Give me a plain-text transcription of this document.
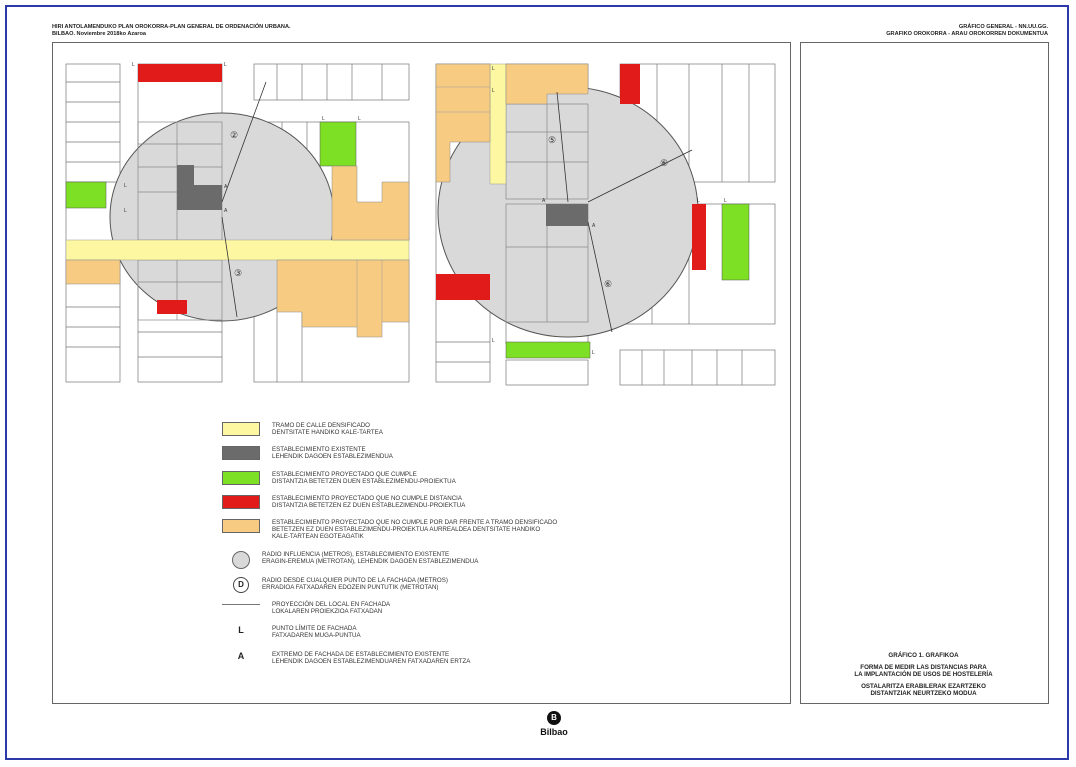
HIRI ANTOLAMENDUKO PLAN OROKORRA-PLAN GENERAL DE ORDENACIÓN URBANA.
BILBAO. Noviembre 2018ko Azaroa
GRÁFICO GENERAL - NN.UU.GG.
GRAFIKO OROKORRA - ARAU OROKORREN DOKUMENTUA
②
③
⑤
⑥
⑥
L	L
L
L
A
A
L	L
L
L
A
A
L	L
L
L
TRAMO DE CALLE DENSIFICADO
DENTSITATE HANDIKO KALE-TARTEA
ESTABLECIMIENTO EXISTENTE
LEHENDIK DAGOEN ESTABLEZIMENDUA
ESTABLECIMIENTO PROYECTADO QUE CUMPLE
DISTANTZIA BETETZEN DUEN ESTABLEZIMENDU-PROIEKTUA
ESTABLECIMIENTO PROYECTADO QUE NO CUMPLE DISTANCIA
DISTANTZIA BETETZEN EZ DUEN ESTABLEZIMENDU-PROIEKTUA
ESTABLECIMIENTO PROYECTADO QUE NO CUMPLE POR DAR FRENTE A TRAMO DENSIFICADO
BETETZEN EZ DUEN ESTABLEZIMENDU-PROIEKTUA AURREALDEA DENTSITATE HANDIKO
KALE-TARTEAN EGOTEAGATIK
RADIO INFLUENCIA (METROS), ESTABLECIMIENTO EXISTENTE
ERAGIN-EREMUA (METROTAN), LEHENDIK DAGOEN ESTABLEZIMENDUA
D	RADIO DESDE CUALQUIER PUNTO DE LA FACHADA (METROS)
ERRADIOA FATXADAREN EDOZEIN PUNTUTIK (METROTAN)
PROYECCIÓN DEL LOCAL EN FACHADA
LOKALAREN PROIEKZIOA FATXADAN
L	PUNTO LÍMITE DE FACHADA
FATXADAREN MUGA-PUNTUA
A	EXTREMO DE FACHADA DE ESTABLECIMIENTO EXISTENTE
LEHENDIK DAGOEN ESTABLEZIMENDUAREN FATXADAREN ERTZA
GRÁFICO 1. GRAFIKOA
FORMA DE MEDIR LAS DISTANCIAS PARA
LA IMPLANTACIÓN DE USOS DE HOSTELERÍA
OSTALARITZA ERABILERAK EZARTZEKO
DISTANTZIAK NEURTZEKO MODUA
B
Bilbao
